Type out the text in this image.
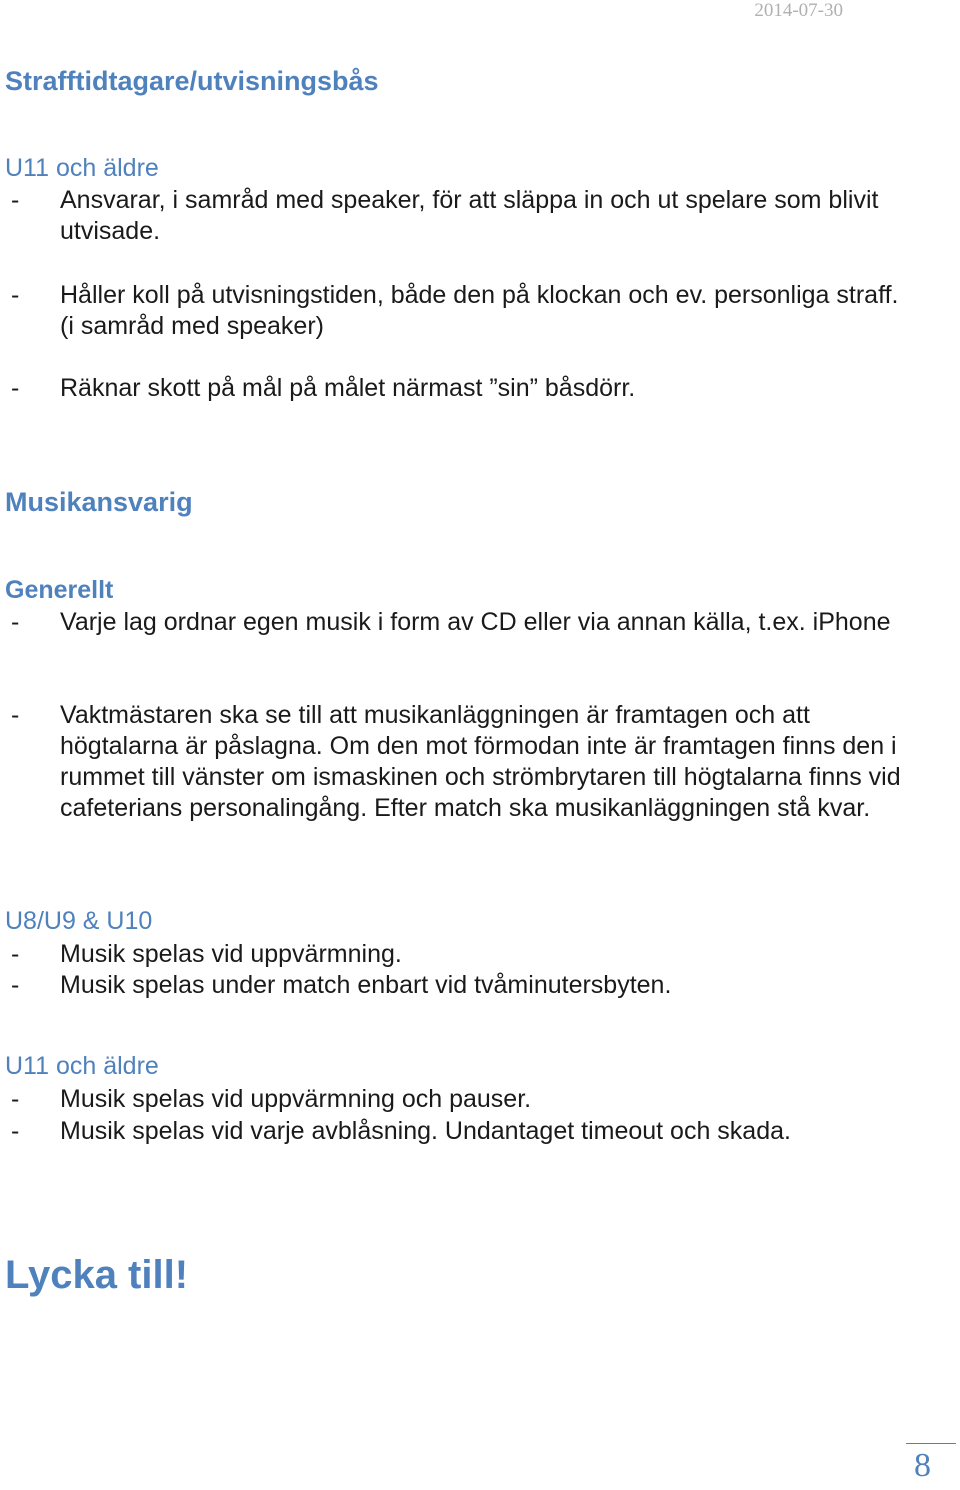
2014-07-30
Strafftidtagare/utvisningsbås
U11 och äldre

-	Ansvarar, i samråd med speaker, för att släppa in och ut spelare som blivit utvisade.

-	Håller koll på utvisningstiden, både den på klockan och ev. personliga straff. (i samråd med speaker)

-	Räknar skott på mål på målet närmast ”sin” båsdörr.

Musikansvarig
Generellt

-	Varje lag ordnar egen musik i form av CD eller via annan källa, t.ex. iPhone

-	Vaktmästaren ska se till att musikanläggningen är framtagen och att högtalarna är påslagna. Om den mot förmodan inte är framtagen finns den i rummet till vänster om ismaskinen och strömbrytaren till högtalarna finns vid cafeterians personalingång. Efter match ska musikanläggningen stå kvar.

U8/U9 & U10

-	Musik spelas vid uppvärmning.

-	Musik spelas under match enbart vid tvåminutersbyten.

U11 och äldre

-	Musik spelas vid uppvärmning och pauser.

-	Musik spelas vid varje avblåsning. Undantaget timeout och skada.

Lycka till!
8
